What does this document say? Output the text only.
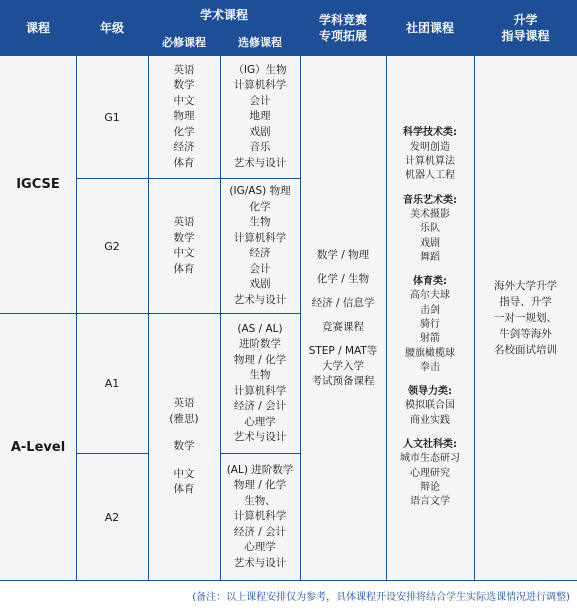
课程	年级
学术课程
必修课程	选修课程
学科竞赛
专项拓展
社团课程
升学
指导课程
IGCSE
A-Level
G1
G2
A1
A2
英语
数学
中文
物理
化学
经济
体育
英语
数学
中文
体育
英语
(雅思)
数学
中文
体育
（IG）生物
计算机科学
会计
地理
戏剧
音乐
艺术与设计
(IG/AS) 物理
化学
生物
计算机科学
经济
会计
戏剧
艺术与设计
(AS / AL)
进阶数学
物理 / 化学
生物
计算机科学
经济 / 会计
心理学
艺术与设计
(AL) 进阶数学
物理 / 化学
生物、
计算机科学
经济 / 会计
心理学
艺术与设计
数学 / 物理
化学 / 生物
经济 / 信息学
竞赛课程
STEP / MAT等
大学入学
考试预备课程
科学技术类:
发明创造
计算机算法
机器人工程
音乐艺术类:
美术摄影
乐队
戏剧
舞蹈
体育类:
高尔夫球
击剑
骑行
射箭
腰旗橄榄球
拳击
领导力类:
模拟联合国
商业实践
人文社科类:
城市生态研习
心理研究
辩论
语言文学
海外大学升学
指导、升学
一对一规划、
牛剑等海外
名校面试培训
(备注：以上课程安排仅为参考，具体课程开设安排将结合学生实际选课情况进行调整)
